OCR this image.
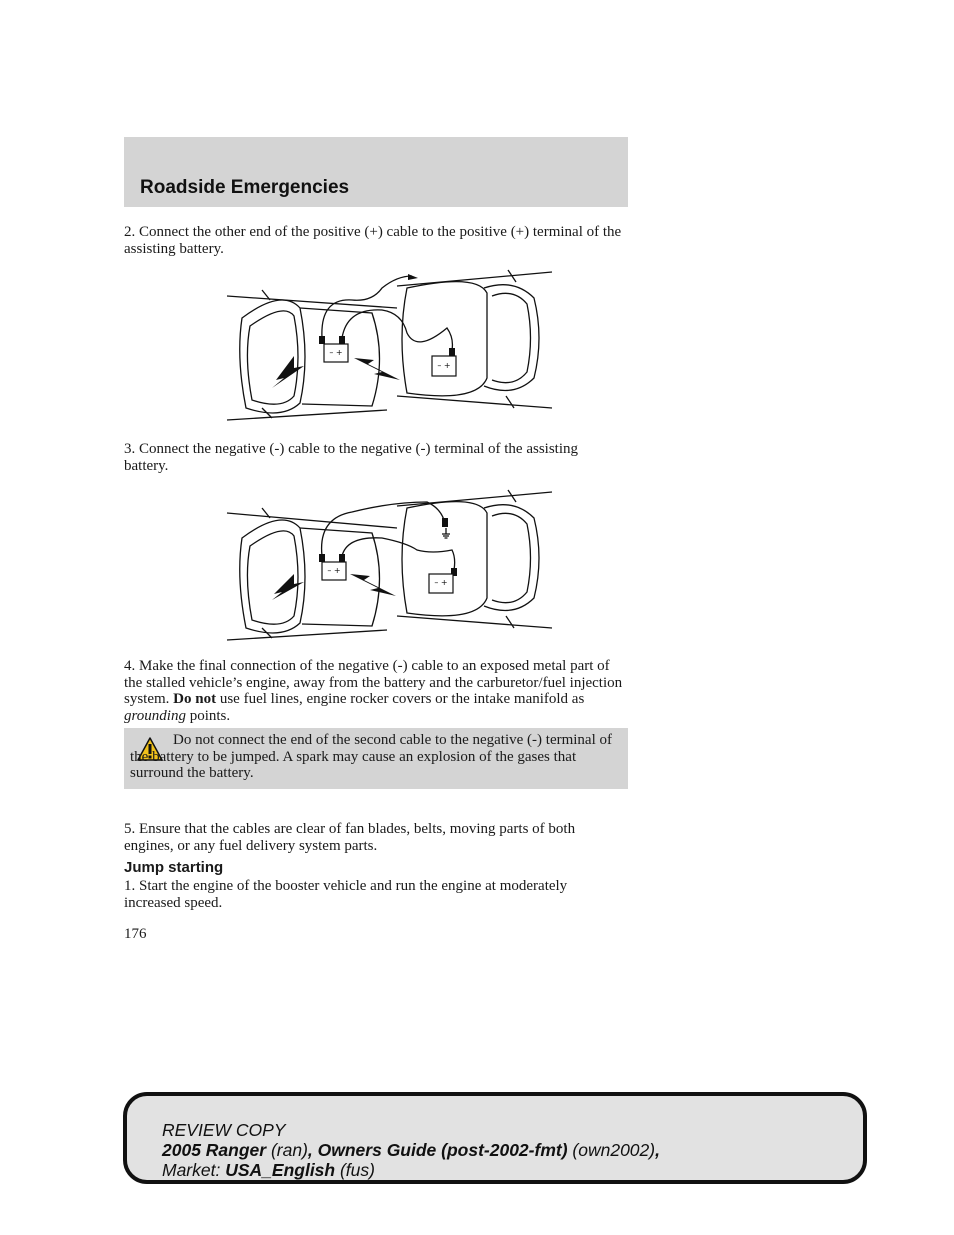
Roadside Emergencies

2. Connect the other end of the positive (+) cable to the positive (+) terminal of the assisting battery.

– +
– +

3. Connect the negative (-) cable to the negative (-) terminal of the assisting battery.

– +
– +

4. Make the final connection of the negative (-) cable to an exposed metal part of the stalled vehicle’s engine, away from the battery and the carburetor/fuel injection system. Do not use fuel lines, engine rocker covers or the intake manifold as grounding points.

Do not connect the end of the second cable to the negative (-) terminal of the battery to be jumped. A spark may cause an explosion of the gases that surround the battery.

5. Ensure that the cables are clear of fan blades, belts, moving parts of both engines, or any fuel delivery system parts.

Jump starting

1. Start the engine of the booster vehicle and run the engine at moderately increased speed.

176

REVIEW COPY
2005 Ranger (ran), Owners Guide (post-2002-fmt) (own2002),
Market: USA_English (fus)
